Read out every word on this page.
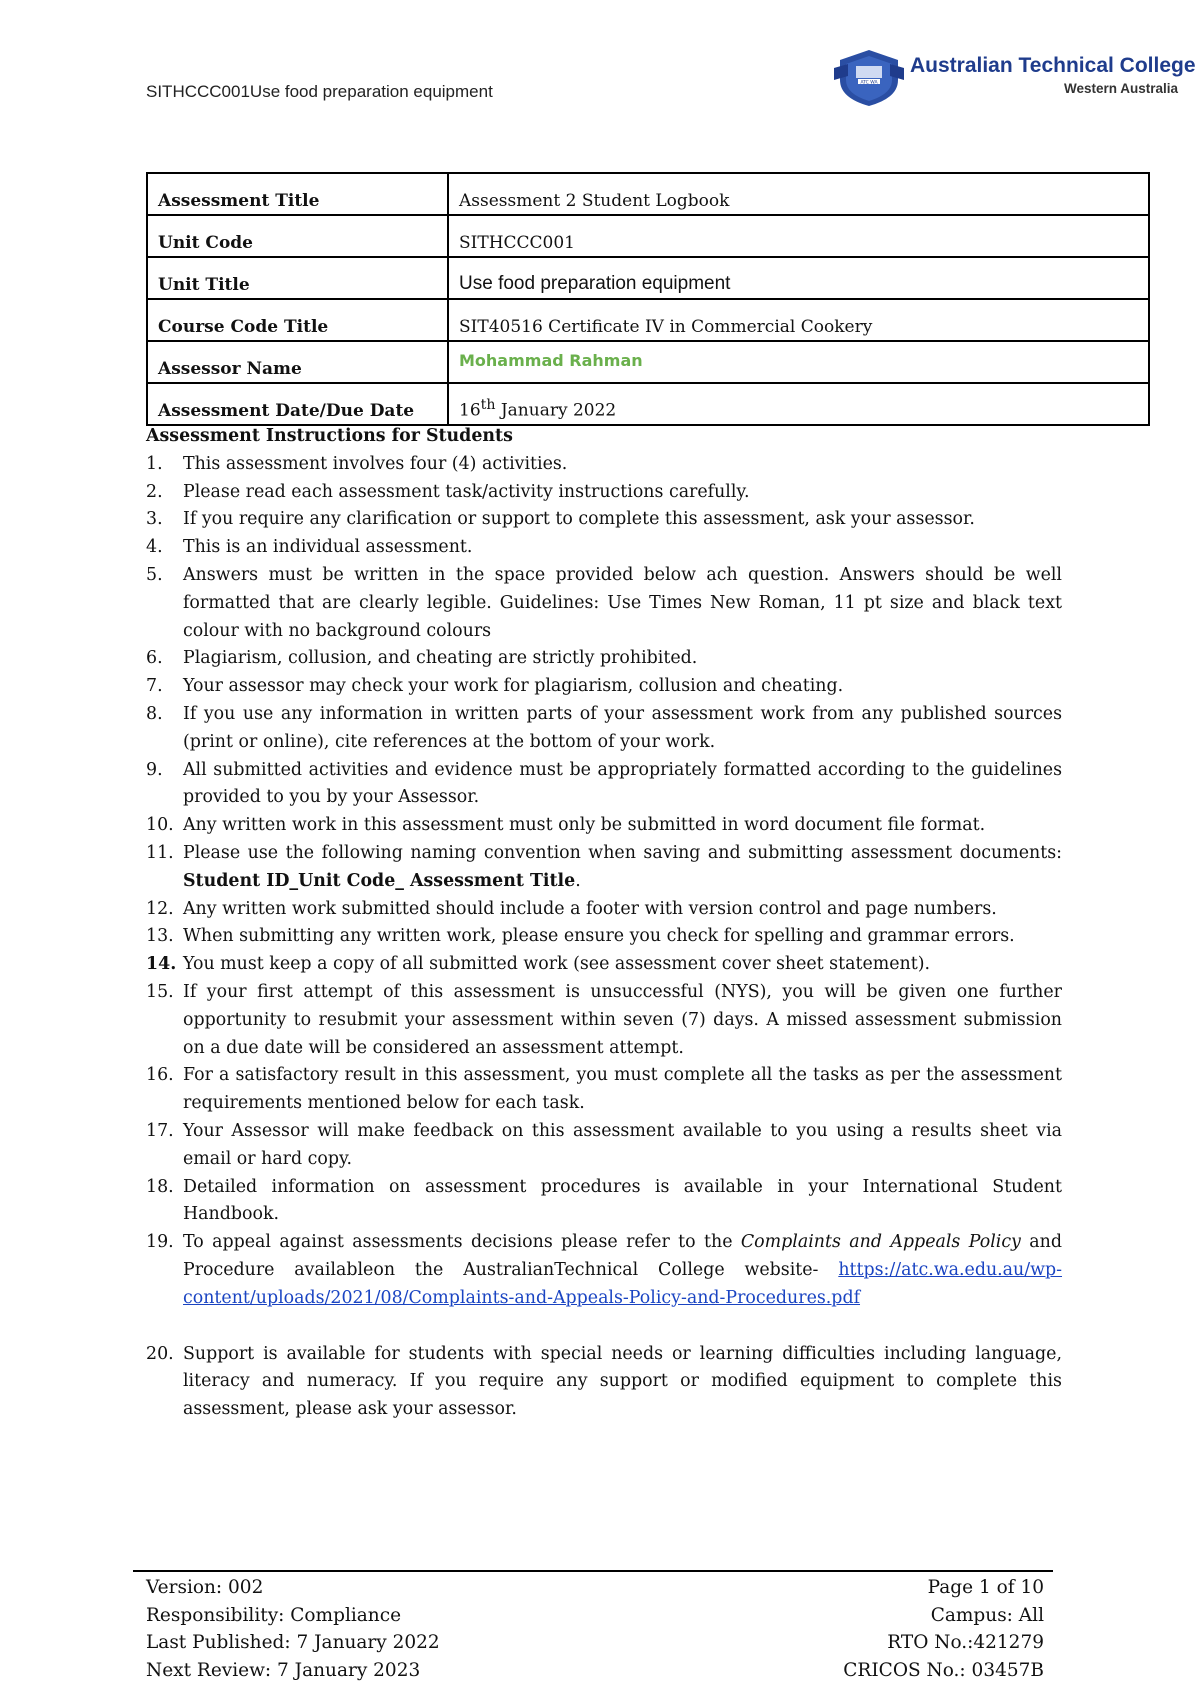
SITHCCC001Use food preparation equipment	ATC WA
Australian Technical College
Western Australia
Assessment Title	Assessment 2 Student Logbook
Unit Code	SITHCCC001
Unit Title	Use food preparation equipment
Course Code Title	SIT40516 Certificate IV in Commercial Cookery
Assessor Name	Mohammad Rahman
Assessment Date/Due Date	16th January 2022
Assessment Instructions for Students
1. This assessment involves four (4) activities.
2. Please read each assessment task/activity instructions carefully.
3. If you require any clarification or support to complete this assessment, ask your assessor.
4. This is an individual assessment.
5. Answers must be written in the space provided below ach question. Answers should be well formatted that are clearly legible. Guidelines: Use Times New Roman, 11 pt size and black text colour with no background colours
6. Plagiarism, collusion, and cheating are strictly prohibited.
7. Your assessor may check your work for plagiarism, collusion and cheating.
8. If you use any information in written parts of your assessment work from any published sources (print or online), cite references at the bottom of your work.
9. All submitted activities and evidence must be appropriately formatted according to the guidelines provided to you by your Assessor.
10. Any written work in this assessment must only be submitted in word document file format.
11. Please use the following naming convention when saving and submitting assessment documents: Student ID_Unit Code_ Assessment Title.
12. Any written work submitted should include a footer with version control and page numbers.
13. When submitting any written work, please ensure you check for spelling and grammar errors.
14. You must keep a copy of all submitted work (see assessment cover sheet statement).
15. If your first attempt of this assessment is unsuccessful (NYS), you will be given one further opportunity to resubmit your assessment within seven (7) days. A missed assessment submission on a due date will be considered an assessment attempt.
16. For a satisfactory result in this assessment, you must complete all the tasks as per the assessment requirements mentioned below for each task.
17. Your Assessor will make feedback on this assessment available to you using a results sheet via email or hard copy.
18. Detailed information on assessment procedures is available in your International Student Handbook.
19. To appeal against assessments decisions please refer to the Complaints and Appeals Policy and Procedure availableon the AustralianTechnical College website- https://atc.wa.edu.au/wp-content/uploads/2021/08/Complaints-and-Appeals-Policy-and-Procedures.pdf
20. Support is available for students with special needs or learning difficulties including language, literacy and numeracy. If you require any support or modified equipment to complete this assessment, please ask your assessor.
Version: 002	Page 1 of 10
Responsibility: Compliance	Campus: All
Last Published: 7 January 2022	RTO No.:421279
Next Review: 7 January 2023	CRICOS No.: 03457B
